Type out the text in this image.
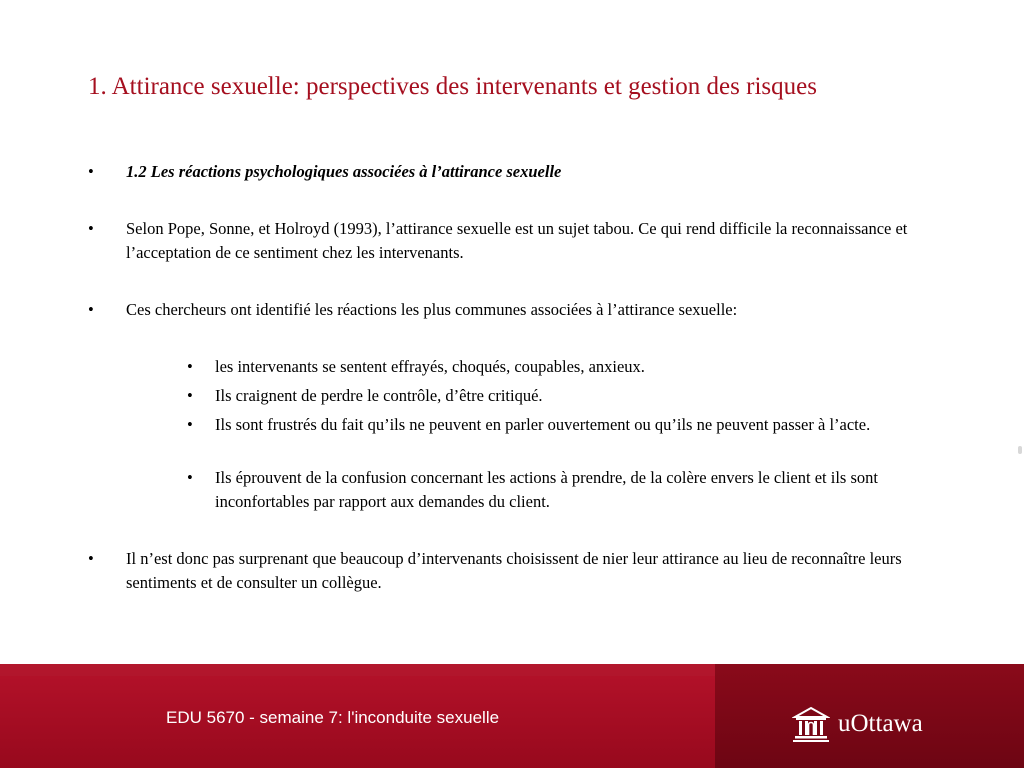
1. Attirance sexuelle: perspectives des intervenants et gestion des risques
• 1.2 Les réactions psychologiques associées à l’attirance sexuelle
• Selon Pope, Sonne, et Holroyd (1993), l’attirance sexuelle est un sujet tabou. Ce qui rend difficile la reconnaissance et l’acceptation de ce sentiment chez les intervenants.
• Ces chercheurs ont identifié les réactions les plus communes associées à l’attirance sexuelle:
• les intervenants se sentent effrayés, choqués, coupables, anxieux.
• Ils craignent de perdre le contrôle, d’être critiqué.
• Ils sont frustrés du fait qu’ils ne peuvent en parler ouvertement ou qu’ils ne peuvent passer à l’acte.
• Ils éprouvent de la confusion concernant les actions à prendre, de la colère envers le client et ils sont inconfortables par rapport aux demandes du client.
• Il n’est donc pas surprenant que beaucoup d’intervenants choisissent de nier leur attirance au lieu de reconnaître leurs sentiments et de consulter un collègue.
EDU 5670 - semaine 7: l'inconduite sexuelle	uOttawa
